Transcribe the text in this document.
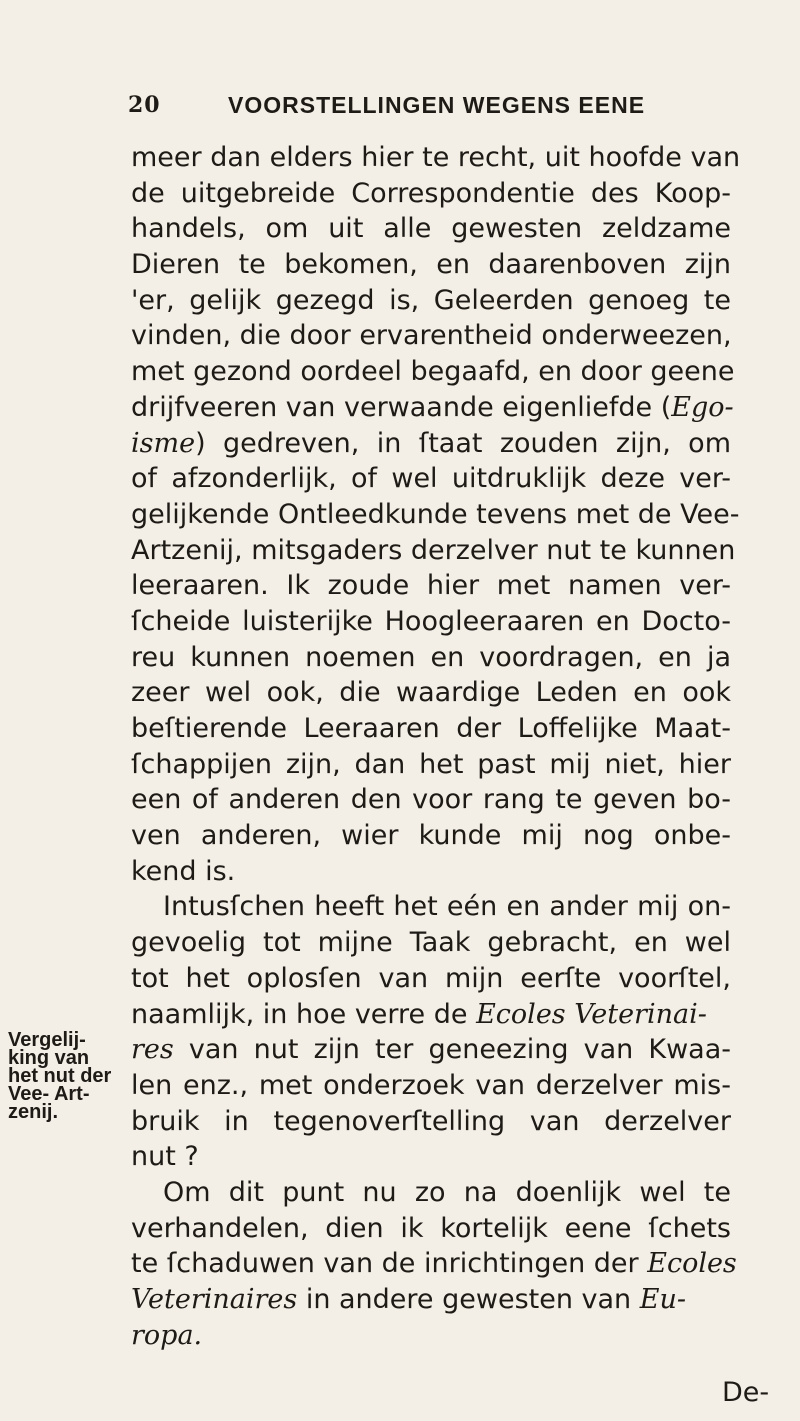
20	VOORSTELLINGEN WEGENS EENE
meer dan elders hier te recht, uit hoofde van
de uitgebreide Correspondentie des Koop-
handels, om uit alle gewesten zeldzame
Dieren te bekomen, en daarenboven zijn
'er, gelijk gezegd is, Geleerden genoeg te
vinden, die door ervarentheid onderweezen,
met gezond oordeel begaafd, en door geene
drijfveeren van verwaande eigenliefde (Ego-
isme) gedreven, in ſtaat zouden zijn, om
of afzonderlijk, of wel uitdruklijk deze ver-
gelijkende Ontleedkunde tevens met de Vee-
Artzenij, mitsgaders derzelver nut te kunnen
leeraaren. Ik zoude hier met namen ver-
ſcheide luisterijke Hoogleeraaren en Docto-
reu kunnen noemen en voordragen, en ja
zeer wel ook, die waardige Leden en ook
beſtierende Leeraaren der Loffelijke Maat-
ſchappijen zijn, dan het past mij niet, hier
een of anderen den voor rang te geven bo-
ven anderen, wier kunde mij nog onbe-
kend is.
Intusſchen heeft het eén en ander mij on-
gevoelig tot mijne Taak gebracht, en wel
tot het oplosſen van mijn eerſte voorſtel,
naamlijk, in hoe verre de Ecoles Veterinai-
res van nut zijn ter geneezing van Kwaa-
len enz., met onderzoek van derzelver mis-
bruik in tegenoverſtelling van derzelver
nut ?
Om dit punt nu zo na doenlijk wel te
verhandelen, dien ik kortelijk eene ſchets
te ſchaduwen van de inrichtingen der Ecoles
Veterinaires in andere gewesten van Eu-
ropa.
Vergelij-
king van
het nut der
Vee- Art-
zenij.
De-
